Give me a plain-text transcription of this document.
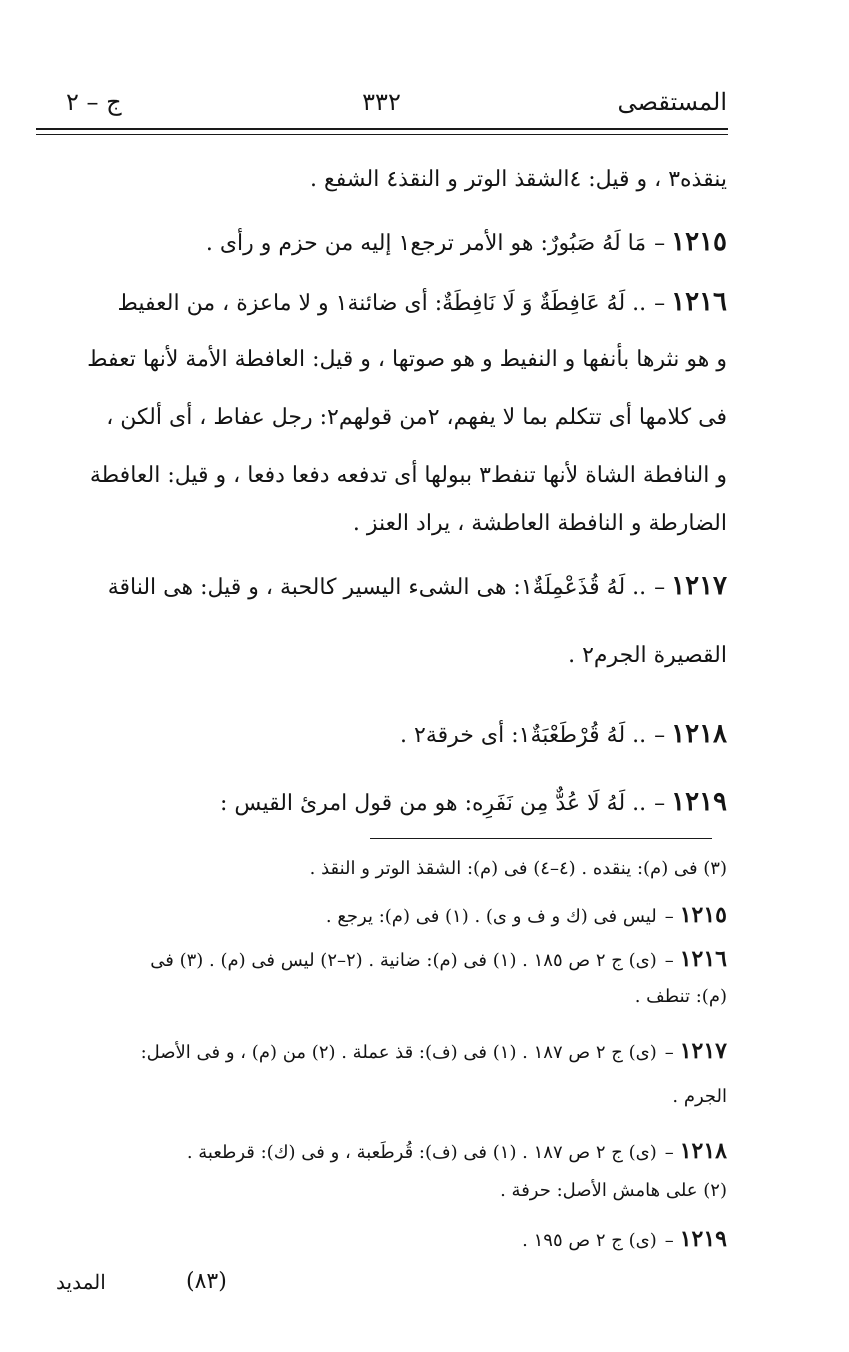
المستقصى
٣٣٢
ج – ٢
ينقذه٣ ، و قيل: ٤الشقذ الوتر و النقذ٤ الشفع .
١٢١٥–مَا لَهُ صَبُورٌ: هو الأمر ترجع١ إليه من حزم و رأى .
١٢١٦–.. لَهُ عَافِطَةٌ وَ لَا نَافِطَةٌ: أى ضائنة١ و لا ماعزة ، من العفيط
و هو نثرها بأنفها و النفيط و هو صوتها ، و قيل: العافطة الأمة لأنها تعفط
فى كلامها أى تتكلم بما لا يفهم، ٢من قولهم٢: رجل عفاط ، أى ألكن ،
و النافطة الشاة لأنها تنفط٣ ببولها أى تدفعه دفعا دفعا ، و قيل: العافطة
الضارطة و النافطة العاطشة ، يراد العنز .
١٢١٧–.. لَهُ قُذَعْمِلَةٌ١: هى الشىء اليسير كالحبة ، و قيل: هى الناقة
القصيرة الجرم٢ .
١٢١٨–.. لَهُ قُرْطَعْبَةٌ١: أى خرقة٢ .
١٢١٩–.. لَهُ لَا عُدٌّ مِن نَفَرِه: هو من قول امرئ القيس :
(٣) فى (م): ينقده . (٤–٤) فى (م): الشقذ الوتر و النقذ .
١٢١٥–ليس فى (ك و ف و ى) . (١) فى (م): يرجع .
١٢١٦–(ى) ج ٢ ص ١٨٥ . (١) فى (م): ضانية . (٢–٢) ليس فى (م) . (٣) فى
(م): تنطف .
١٢١٧–(ى) ج ٢ ص ١٨٧ . (١) فى (ف): قذ عملة . (٢) من (م) ، و فى الأصل:
الجرم .
١٢١٨–(ى) ج ٢ ص ١٨٧ . (١) فى (ف): قُرطَعبة ، و فى (ك): قرطعبة .
(٢) على هامش الأصل: حرفة .
١٢١٩–(ى) ج ٢ ص ١٩٥ .
المديد	(٨٣)
